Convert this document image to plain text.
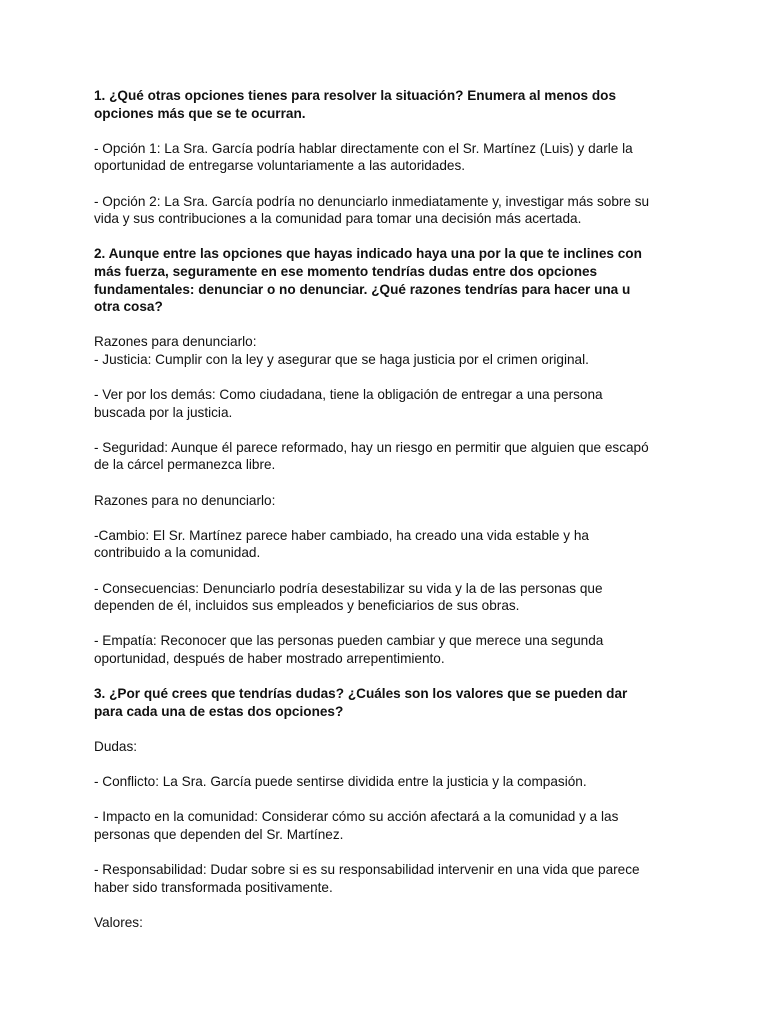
1. ¿Qué otras opciones tienes para resolver la situación? Enumera al menos dos
opciones más que se te ocurran.

- Opción 1: La Sra. García podría hablar directamente con el Sr. Martínez (Luis) y darle la
oportunidad de entregarse voluntariamente a las autoridades.

- Opción 2: La Sra. García podría no denunciarlo inmediatamente y, investigar más sobre su
vida y sus contribuciones a la comunidad para tomar una decisión más acertada.

2. Aunque entre las opciones que hayas indicado haya una por la que te inclines con
más fuerza, seguramente en ese momento tendrías dudas entre dos opciones
fundamentales: denunciar o no denunciar. ¿Qué razones tendrías para hacer una u
otra cosa?

Razones para denunciarlo:

- Justicia: Cumplir con la ley y asegurar que se haga justicia por el crimen original.

- Ver por los demás: Como ciudadana, tiene la obligación de entregar a una persona
buscada por la justicia.

- Seguridad: Aunque él parece reformado, hay un riesgo en permitir que alguien que escapó
de la cárcel permanezca libre.

Razones para no denunciarlo:

-Cambio: El Sr. Martínez parece haber cambiado, ha creado una vida estable y ha
contribuido a la comunidad.

- Consecuencias: Denunciarlo podría desestabilizar su vida y la de las personas que
dependen de él, incluidos sus empleados y beneficiarios de sus obras.

- Empatía: Reconocer que las personas pueden cambiar y que merece una segunda
oportunidad, después de haber mostrado arrepentimiento.

3. ¿Por qué crees que tendrías dudas? ¿Cuáles son los valores que se pueden dar
para cada una de estas dos opciones?

Dudas:

- Conflicto: La Sra. García puede sentirse dividida entre la justicia y la compasión.

- Impacto en la comunidad: Considerar cómo su acción afectará a la comunidad y a las
personas que dependen del Sr. Martínez.

- Responsabilidad: Dudar sobre si es su responsabilidad intervenir en una vida que parece
haber sido transformada positivamente.

Valores:
